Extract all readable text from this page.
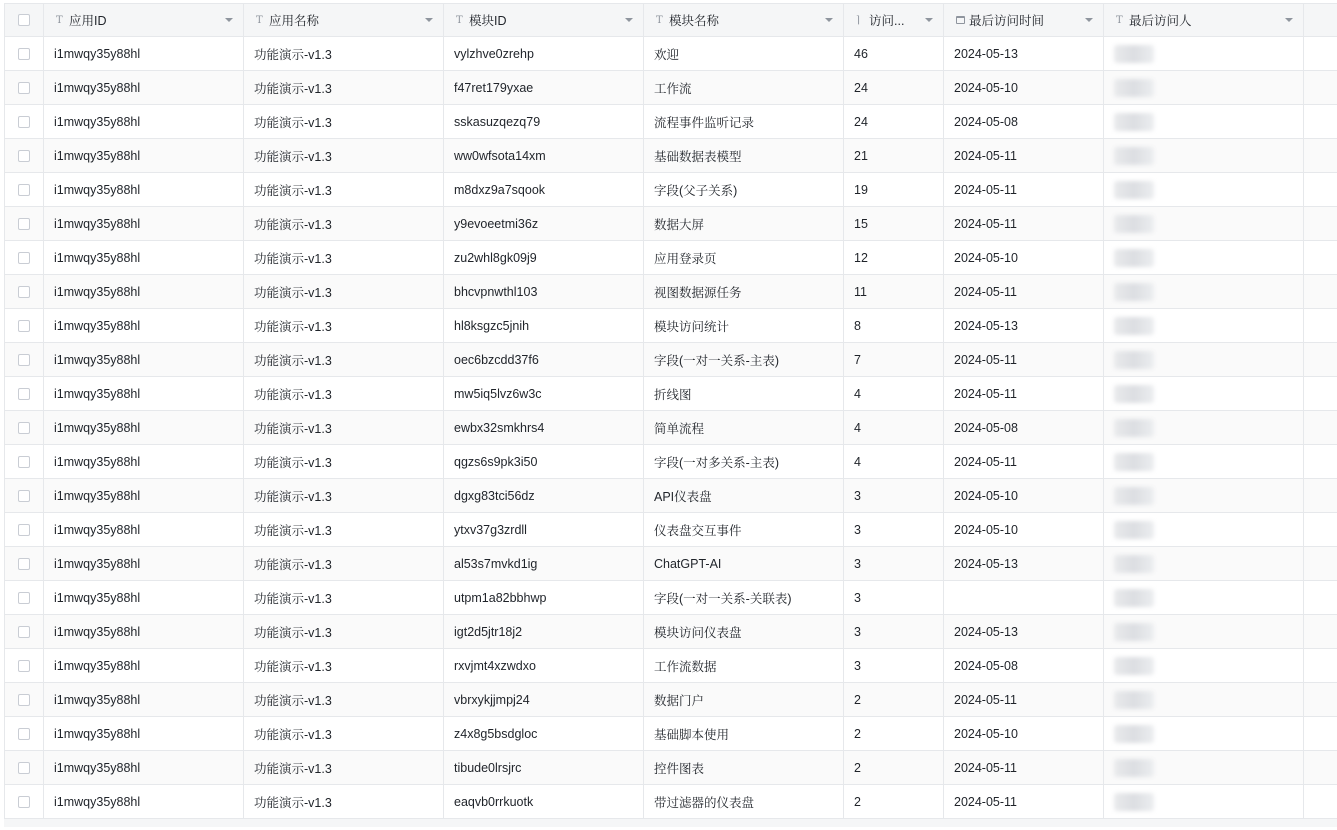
T 应用ID	T 应用名称	T 模块ID	T 模块名称	⌉ 访问...	最后访问时间	T 最后访问人
i1mwqy35y88hl	功能演示-v1.3	vylzhve0zrehp	欢迎	46	2024-05-13
i1mwqy35y88hl	功能演示-v1.3	f47ret179yxae	工作流	24	2024-05-10
i1mwqy35y88hl	功能演示-v1.3	sskasuzqezq79	流程事件监听记录	24	2024-05-08
i1mwqy35y88hl	功能演示-v1.3	ww0wfsota14xm	基础数据表模型	21	2024-05-11
i1mwqy35y88hl	功能演示-v1.3	m8dxz9a7sqook	字段(父子关系)	19	2024-05-11
i1mwqy35y88hl	功能演示-v1.3	y9evoeetmi36z	数据大屏	15	2024-05-11
i1mwqy35y88hl	功能演示-v1.3	zu2whl8gk09j9	应用登录页	12	2024-05-10
i1mwqy35y88hl	功能演示-v1.3	bhcvpnwthl103	视图数据源任务	11	2024-05-11
i1mwqy35y88hl	功能演示-v1.3	hl8ksgzc5jnih	模块访问统计	8	2024-05-13
i1mwqy35y88hl	功能演示-v1.3	oec6bzcdd37f6	字段(一对一关系-主表)	7	2024-05-11
i1mwqy35y88hl	功能演示-v1.3	mw5iq5lvz6w3c	折线图	4	2024-05-11
i1mwqy35y88hl	功能演示-v1.3	ewbx32smkhrs4	简单流程	4	2024-05-08
i1mwqy35y88hl	功能演示-v1.3	qgzs6s9pk3i50	字段(一对多关系-主表)	4	2024-05-11
i1mwqy35y88hl	功能演示-v1.3	dgxg83tci56dz	API仪表盘	3	2024-05-10
i1mwqy35y88hl	功能演示-v1.3	ytxv37g3zrdll	仪表盘交互事件	3	2024-05-10
i1mwqy35y88hl	功能演示-v1.3	al53s7mvkd1ig	ChatGPT-AI	3	2024-05-13
i1mwqy35y88hl	功能演示-v1.3	utpm1a82bbhwp	字段(一对一关系-关联表)	3
i1mwqy35y88hl	功能演示-v1.3	igt2d5jtr18j2	模块访问仪表盘	3	2024-05-13
i1mwqy35y88hl	功能演示-v1.3	rxvjmt4xzwdxo	工作流数据	3	2024-05-08
i1mwqy35y88hl	功能演示-v1.3	vbrxykjjmpj24	数据门户	2	2024-05-11
i1mwqy35y88hl	功能演示-v1.3	z4x8g5bsdgloc	基础脚本使用	2	2024-05-10
i1mwqy35y88hl	功能演示-v1.3	tibude0lrsjrc	控件图表	2	2024-05-11
i1mwqy35y88hl	功能演示-v1.3	eaqvb0rrkuotk	带过滤器的仪表盘	2	2024-05-11
